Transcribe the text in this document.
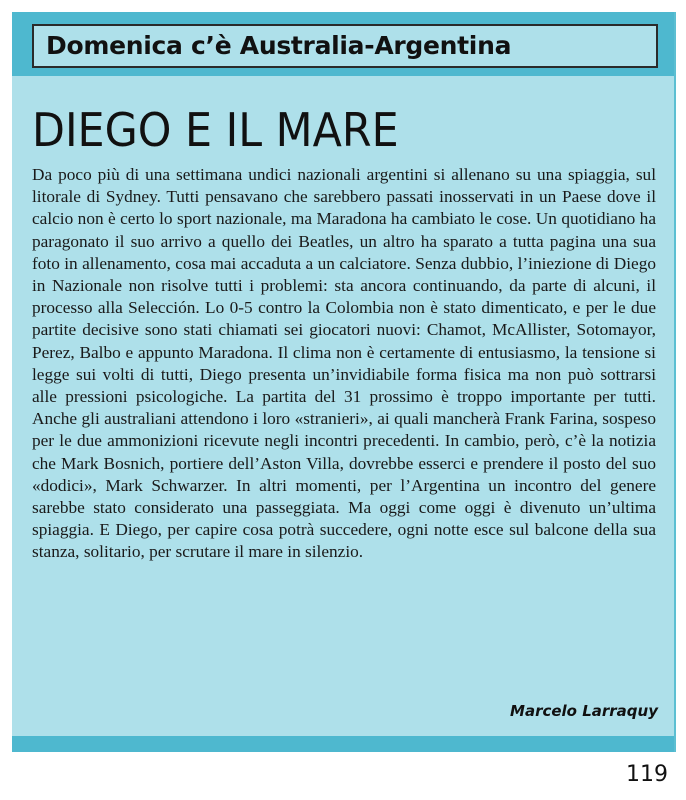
Domenica c’è Australia-Argentina
DIEGO E IL MARE

Da poco più di una settimana undici nazionali argentini si allenano su una spiaggia, sul litorale di Sydney. Tutti pensavano che sarebbero passati inosservati in un Paese dove il calcio non è certo lo sport nazionale, ma Maradona ha cambiato le cose. Un quotidiano ha paragonato il suo arrivo a quello dei Beatles, un altro ha sparato a tutta pagina una sua foto in allenamento, cosa mai accaduta a un calciatore. Senza dubbio, l’iniezione di Diego in Nazionale non risolve tutti i problemi: sta ancora continuando, da parte di alcuni, il processo alla Selección. Lo 0-5 contro la Colombia non è stato dimenticato, e per le due partite decisive sono stati chiamati sei giocatori nuovi: Chamot, McAllister, Sotomayor, Perez, Balbo e appunto Maradona. Il clima non è certamente di entusiasmo, la tensione si legge sui volti di tutti, Diego presenta un’invidiabile forma fisica ma non può sottrarsi alle pressioni psicologiche. La partita del 31 prossimo è troppo importante per tutti. Anche gli australiani attendono i loro «stranieri», ai quali mancherà Frank Farina, sospeso per le due ammonizioni ricevute negli incontri precedenti. In cambio, però, c’è la notizia che Mark Bosnich, portiere dell’Aston Villa, dovrebbe esserci e prendere il posto del suo «dodici», Mark Schwarzer. In altri momenti, per l’Argentina un incontro del genere sarebbe stato considerato una passeggiata. Ma oggi come oggi è divenuto un’ultima spiaggia. E Diego, per capire cosa potrà succedere, ogni notte esce sul balcone della sua stanza, solitario, per scrutare il mare in silenzio.

Marcelo Larraquy
119
